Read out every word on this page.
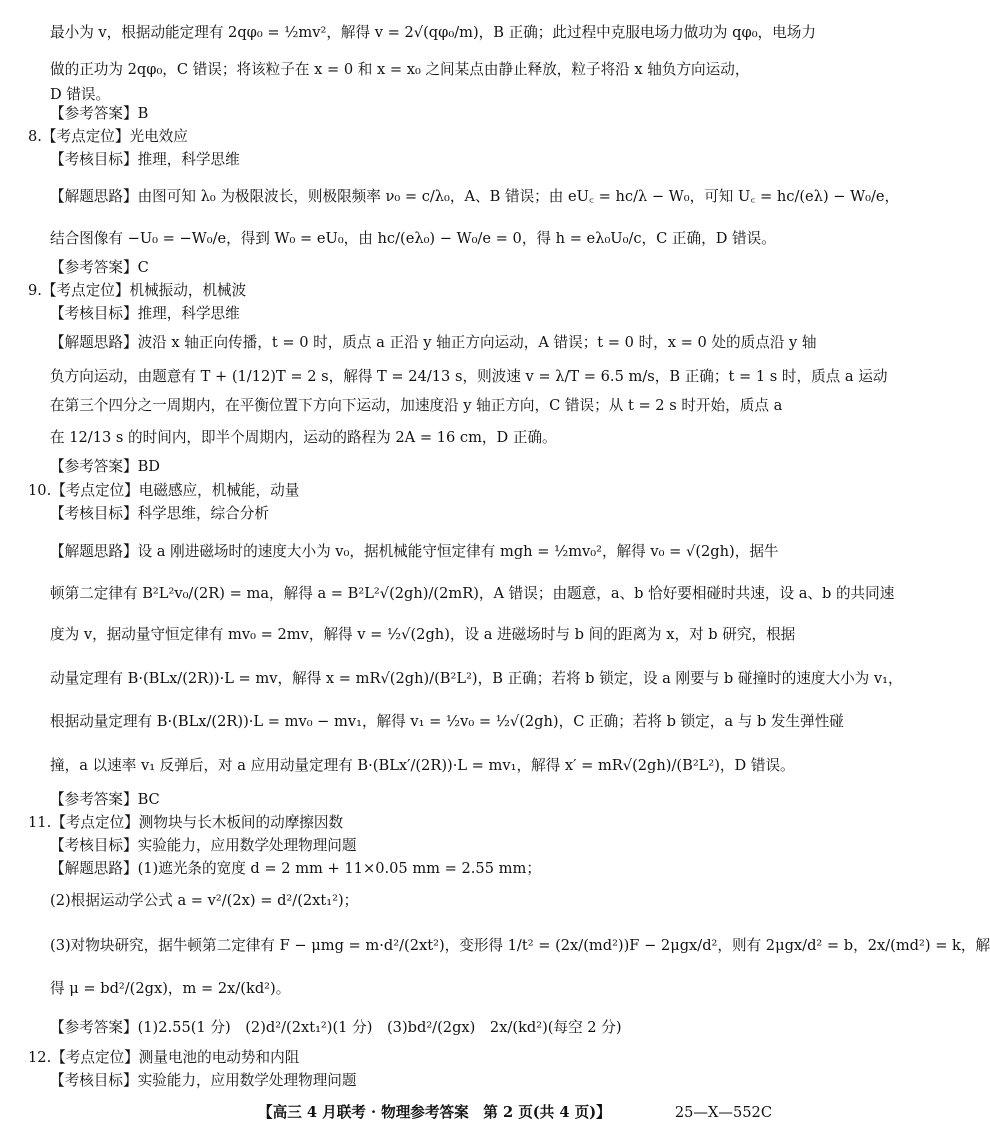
最小为 v，根据动能定理有 2qφ₀ = ½mv²，解得 v = 2√(qφ₀/m)，B 正确；此过程中克服电场力做功为 qφ₀，电场力
做的正功为 2qφ₀，C 错误；将该粒子在 x = 0 和 x = x₀ 之间某点由静止释放，粒子将沿 x 轴负方向运动，
D 错误。
【参考答案】B
8.【考点定位】光电效应
【考核目标】推理，科学思维
【解题思路】由图可知 λ₀ 为极限波长，则极限频率 ν₀ = c/λ₀，A、B 错误；由 eU꜀ = hc/λ − W₀，可知 U꜀ = hc/(eλ) − W₀/e，
结合图像有 −U₀ = −W₀/e，得到 W₀ = eU₀，由 hc/(eλ₀) − W₀/e = 0，得 h = eλ₀U₀/c，C 正确，D 错误。
【参考答案】C
9.【考点定位】机械振动，机械波
【考核目标】推理，科学思维
【解题思路】波沿 x 轴正向传播，t = 0 时，质点 a 正沿 y 轴正方向运动，A 错误；t = 0 时，x = 0 处的质点沿 y 轴
负方向运动，由题意有 T + (1/12)T = 2 s，解得 T = 24/13 s，则波速 v = λ/T = 6.5 m/s，B 正确；t = 1 s 时，质点 a 运动
在第三个四分之一周期内，在平衡位置下方向下运动，加速度沿 y 轴正方向，C 错误；从 t = 2 s 时开始，质点 a
在 12/13 s 的时间内，即半个周期内，运动的路程为 2A = 16 cm，D 正确。
【参考答案】BD
10.【考点定位】电磁感应，机械能，动量
【考核目标】科学思维，综合分析
【解题思路】设 a 刚进磁场时的速度大小为 v₀，据机械能守恒定律有 mgh = ½mv₀²，解得 v₀ = √(2gh)，据牛
顿第二定律有 B²L²v₀/(2R) = ma，解得 a = B²L²√(2gh)/(2mR)，A 错误；由题意，a、b 恰好要相碰时共速，设 a、b 的共同速
度为 v，据动量守恒定律有 mv₀ = 2mv，解得 v = ½√(2gh)，设 a 进磁场时与 b 间的距离为 x，对 b 研究，根据
动量定理有 B·(BLx/(2R))·L = mv，解得 x = mR√(2gh)/(B²L²)，B 正确；若将 b 锁定，设 a 刚要与 b 碰撞时的速度大小为 v₁，
根据动量定理有 B·(BLx/(2R))·L = mv₀ − mv₁，解得 v₁ = ½v₀ = ½√(2gh)，C 正确；若将 b 锁定，a 与 b 发生弹性碰
撞，a 以速率 v₁ 反弹后，对 a 应用动量定理有 B·(BLx′/(2R))·L = mv₁，解得 x′ = mR√(2gh)/(B²L²)，D 错误。
【参考答案】BC
11.【考点定位】测物块与长木板间的动摩擦因数
【考核目标】实验能力，应用数学处理物理问题
【解题思路】(1)遮光条的宽度 d = 2 mm + 11×0.05 mm = 2.55 mm；
(2)根据运动学公式 a = v²/(2x) = d²/(2xt₁²)；
(3)对物块研究，据牛顿第二定律有 F − μmg = m·d²/(2xt²)，变形得 1/t² = (2x/(md²))F − 2μgx/d²，则有 2μgx/d² = b，2x/(md²) = k，解
得 μ = bd²/(2gx)，m = 2x/(kd²)。
【参考答案】(1)2.55(1 分)　(2)d²/(2xt₁²)(1 分)　(3)bd²/(2gx)　2x/(kd²)(每空 2 分)
12.【考点定位】测量电池的电动势和内阻
【考核目标】实验能力，应用数学处理物理问题
【高三 4 月联考 · 物理参考答案　第 2 页(共 4 页)】	25—X—552C
